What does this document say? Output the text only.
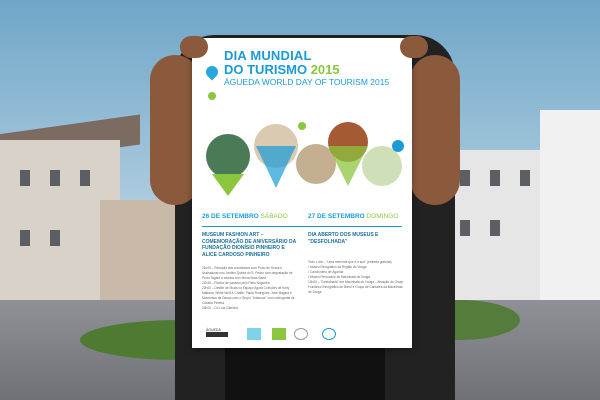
DIA MUNDIAL
DO TURISMO 2015
ÁGUEDA WORLD DAY OF TOURISM 2015
26 DE SETEMBRO SÁBADO	27 DE SETEMBRO DOMINGO
MUSEUM FASHION ART – COMEMORAÇÃO DE ANIVERSÁRIO DA FUNDAÇÃO DIONÍSIO PINHEIRO E ALICE CARDOSO PINHEIRO
DIA ABERTO DOS MUSEUS E "DESFOLHADA"
21h00 – Receção dos convidados com Porto de Honra e Assinaturas nos Jardins Quinta do S. Pedro com degustação de Porto Tagaré a música com Mona Boss Band
21h45 – Pórtico de passeio pelo Patio Nogueira
22h00 – Desfile de Moda no Espaço Ágora Coleções de Kelly Mattana, White Wolf & Chaffe, Paula Rodrigues, José Magina e Momentos de Dança com o Grupo "Antarcas" com coreografia de Claudia Pereira
23h00 – DJ Luís Gabinho
Todo o dia – "Uma memória que é a sua" (entrada gratuita):
• Museu Etnográfico da Região do Vouga
• Cancioneiro de Águeda
• Museu Ferroviário de Macinhata do Vouga
10h00 – "Desfolhada" em Macinhata do Vouga – Atuação do Grupo Folclórico Etnográfico de Barrô e Grupo de Cantares da Macinhata de Vouga
ÁGUEDA
